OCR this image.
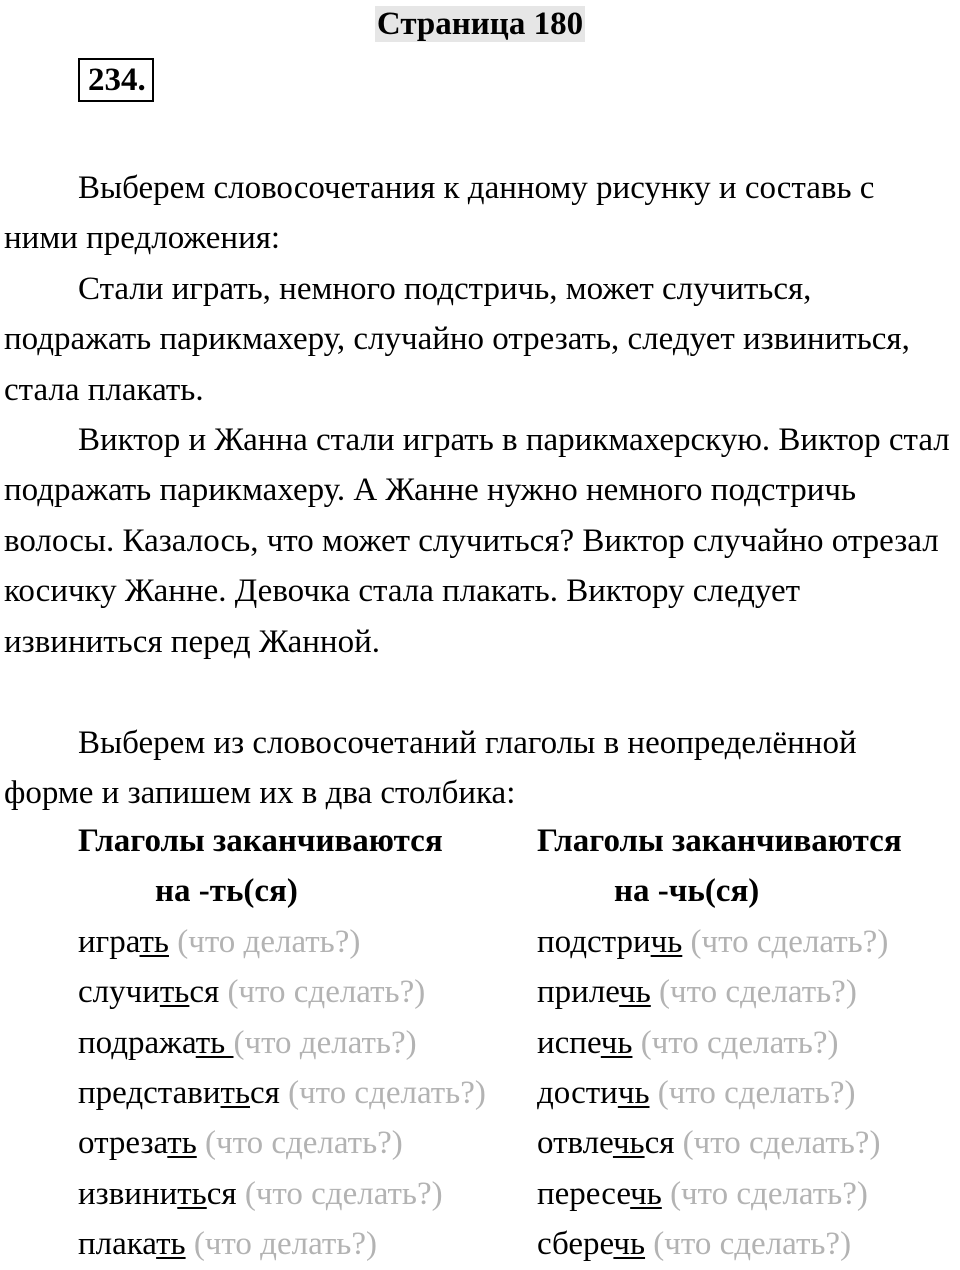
Страница 180
234.

Выберем словосочетания к данному рисунку и составь с ними предложения:

Стали играть, немного подстричь, может случиться, подражать парикмахеру, случайно отрезать, следует извиниться, стала плакать.

Виктор и Жанна стали играть в парикмахерскую. Виктор стал подражать парикмахеру. А Жанне нужно немного подстричь волосы. Казалось, что может случиться? Виктор случайно отрезал косичку Жанне. Девочка стала плакать. Виктору следует извиниться перед Жанной.

Выберем из словосочетаний глаголы в неопределённой форме и запишем их в два столбика:

Глаголы заканчиваются
на -ть(ся)
играть (что делать?)
случиться (что сделать?)
подражать (что делать?)
представиться (что сделать?)
отрезать (что сделать?)
извиниться (что сделать?)
плакать (что делать?)
Глаголы заканчиваются
на -чь(ся)
подстричь (что сделать?)
прилечь (что сделать?)
испечь (что сделать?)
достичь (что сделать?)
отвлечься (что сделать?)
пересечь (что сделать?)
сберечь (что сделать?)
